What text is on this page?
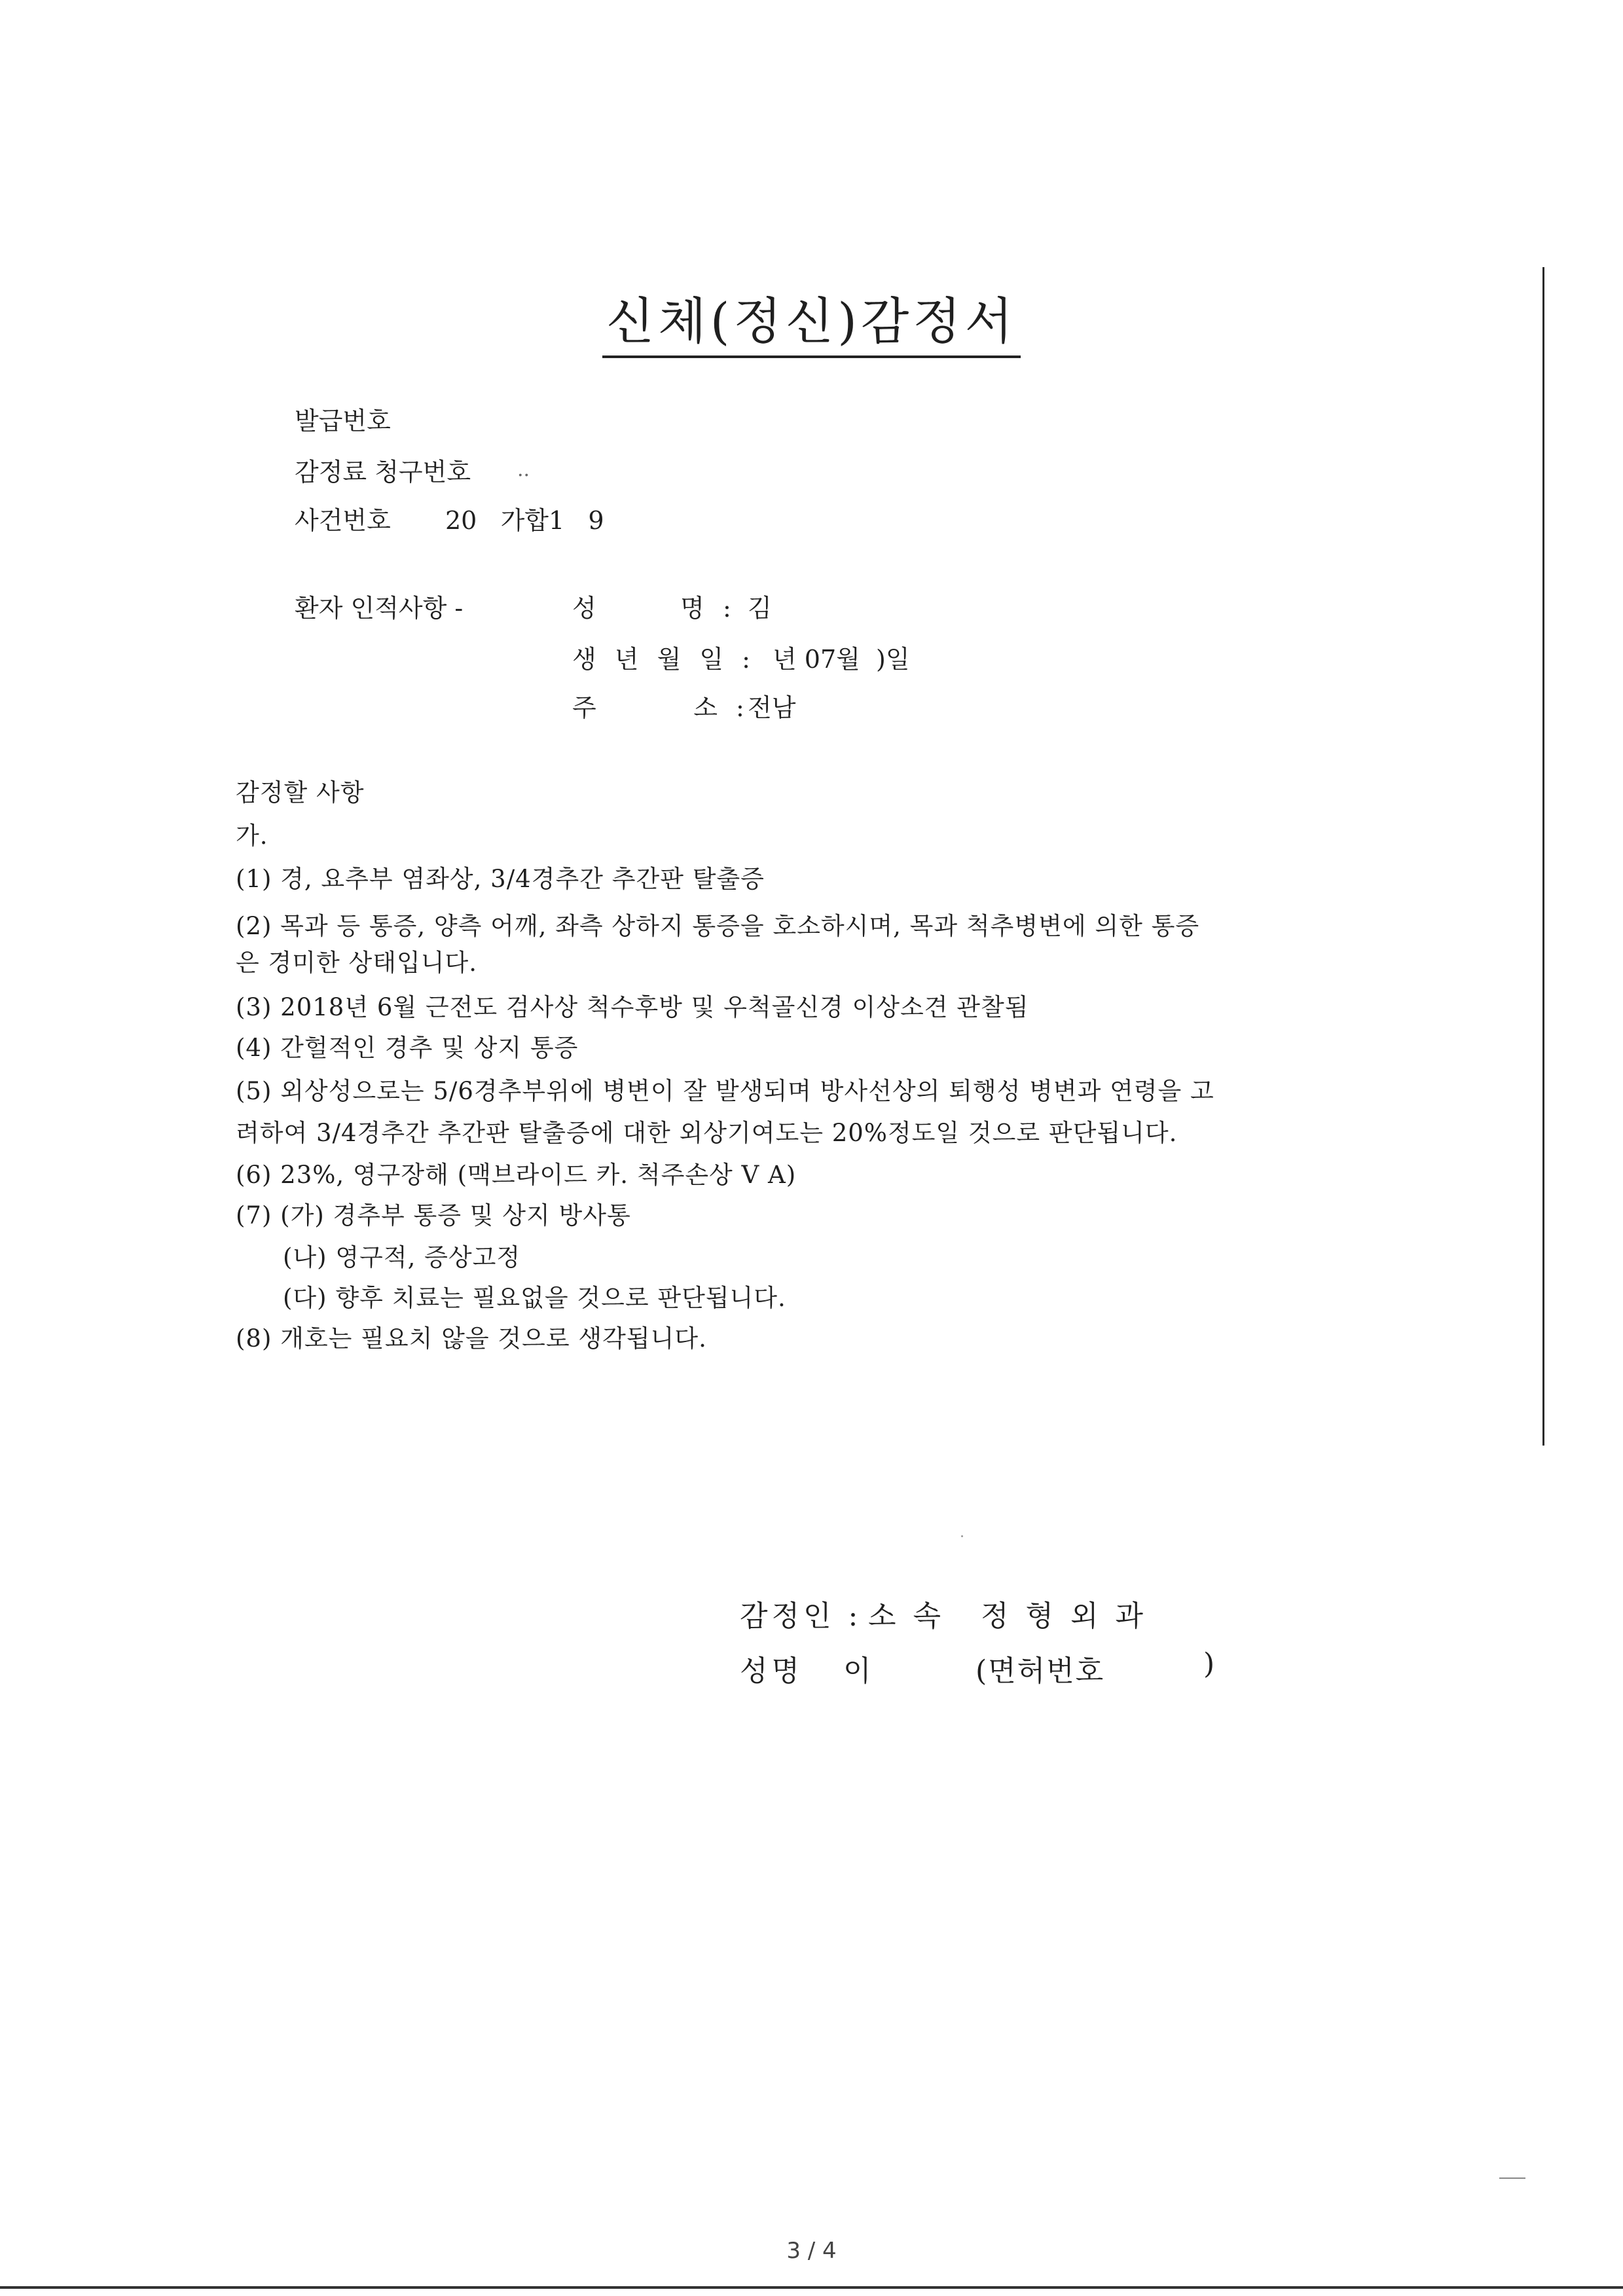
신체(정신)감정서
발급번호
감정료 청구번호 ..
사건번호 20   가합1   9
환자 인적사항 -	성      명 : 김
생 년 월 일 : 년 07월  )일
주       소 :
전남
감정할 사항
가.
(1) 경, 요추부 염좌상, 3/4경추간 추간판 탈출증
(2) 목과 등 통증, 양측 어깨, 좌측 상하지 통증을 호소하시며, 목과 척추병변에 의한 통증
은 경미한 상태입니다.
(3) 2018년 6월 근전도 검사상 척수후방 및 우척골신경 이상소견 관찰됨
(4) 간헐적인 경추 및 상지 통증
(5) 외상성으로는 5/6경추부위에 병변이 잘 발생되며 방사선상의 퇴행성 병변과 연령을 고
려하여 3/4경추간 추간판 탈출증에 대한 외상기여도는 20%정도일 것으로 판단됩니다.
(6) 23%, 영구장해 (맥브라이드 카. 척주손상 V A)
(7) (가) 경추부 통증 및 상지 방사통
(나) 영구적, 증상고정
(다) 향후 치료는 필요없을 것으로 판단됩니다.
(8) 개호는 필요치 않을 것으로 생각됩니다.
감정인 : 소 속 정 형 외 과
성명 이	(면허번호	)
3 / 4
